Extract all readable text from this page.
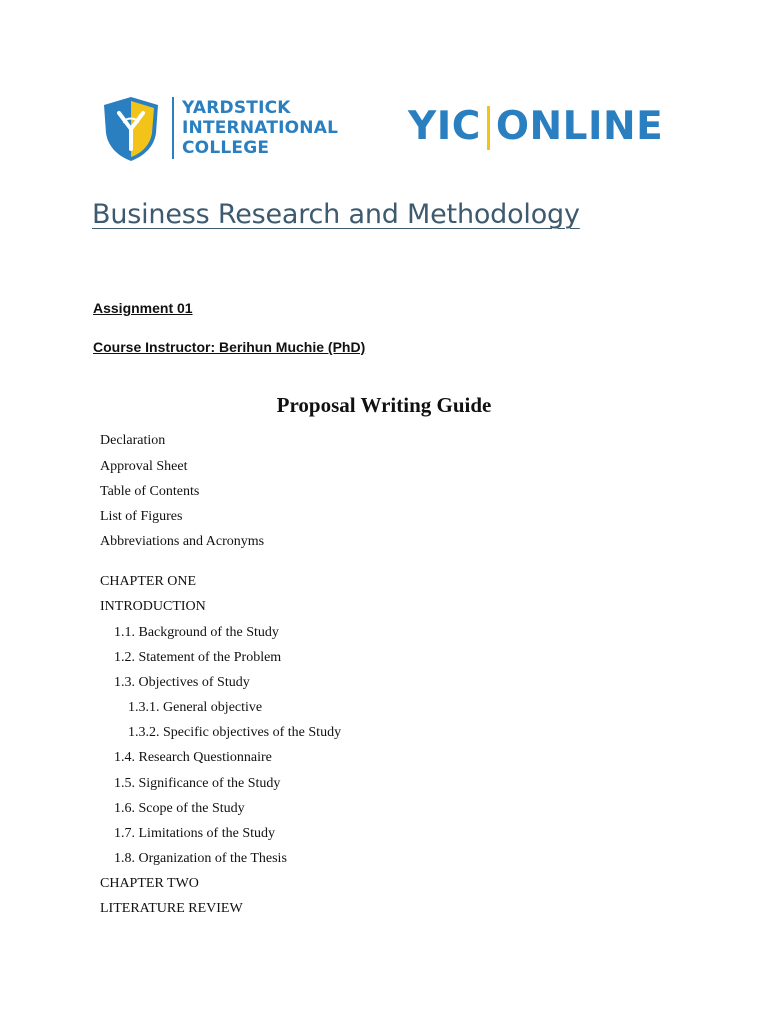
YARDSTICK
INTERNATIONAL
COLLEGE	YIC ONLINE
Business Research and Methodology
Assignment 01
Course Instructor: Berihun Muchie (PhD)
Proposal Writing Guide
Declaration
Approval Sheet
Table of Contents
List of Figures
Abbreviations and Acronyms
CHAPTER ONE
INTRODUCTION
1.1. Background of the Study
1.2. Statement of the Problem
1.3. Objectives of Study
1.3.1. General objective
1.3.2. Specific objectives of the Study
1.4. Research Questionnaire
1.5. Significance of the Study
1.6. Scope of the Study
1.7. Limitations of the Study
1.8. Organization of the Thesis
CHAPTER TWO
LITERATURE REVIEW
